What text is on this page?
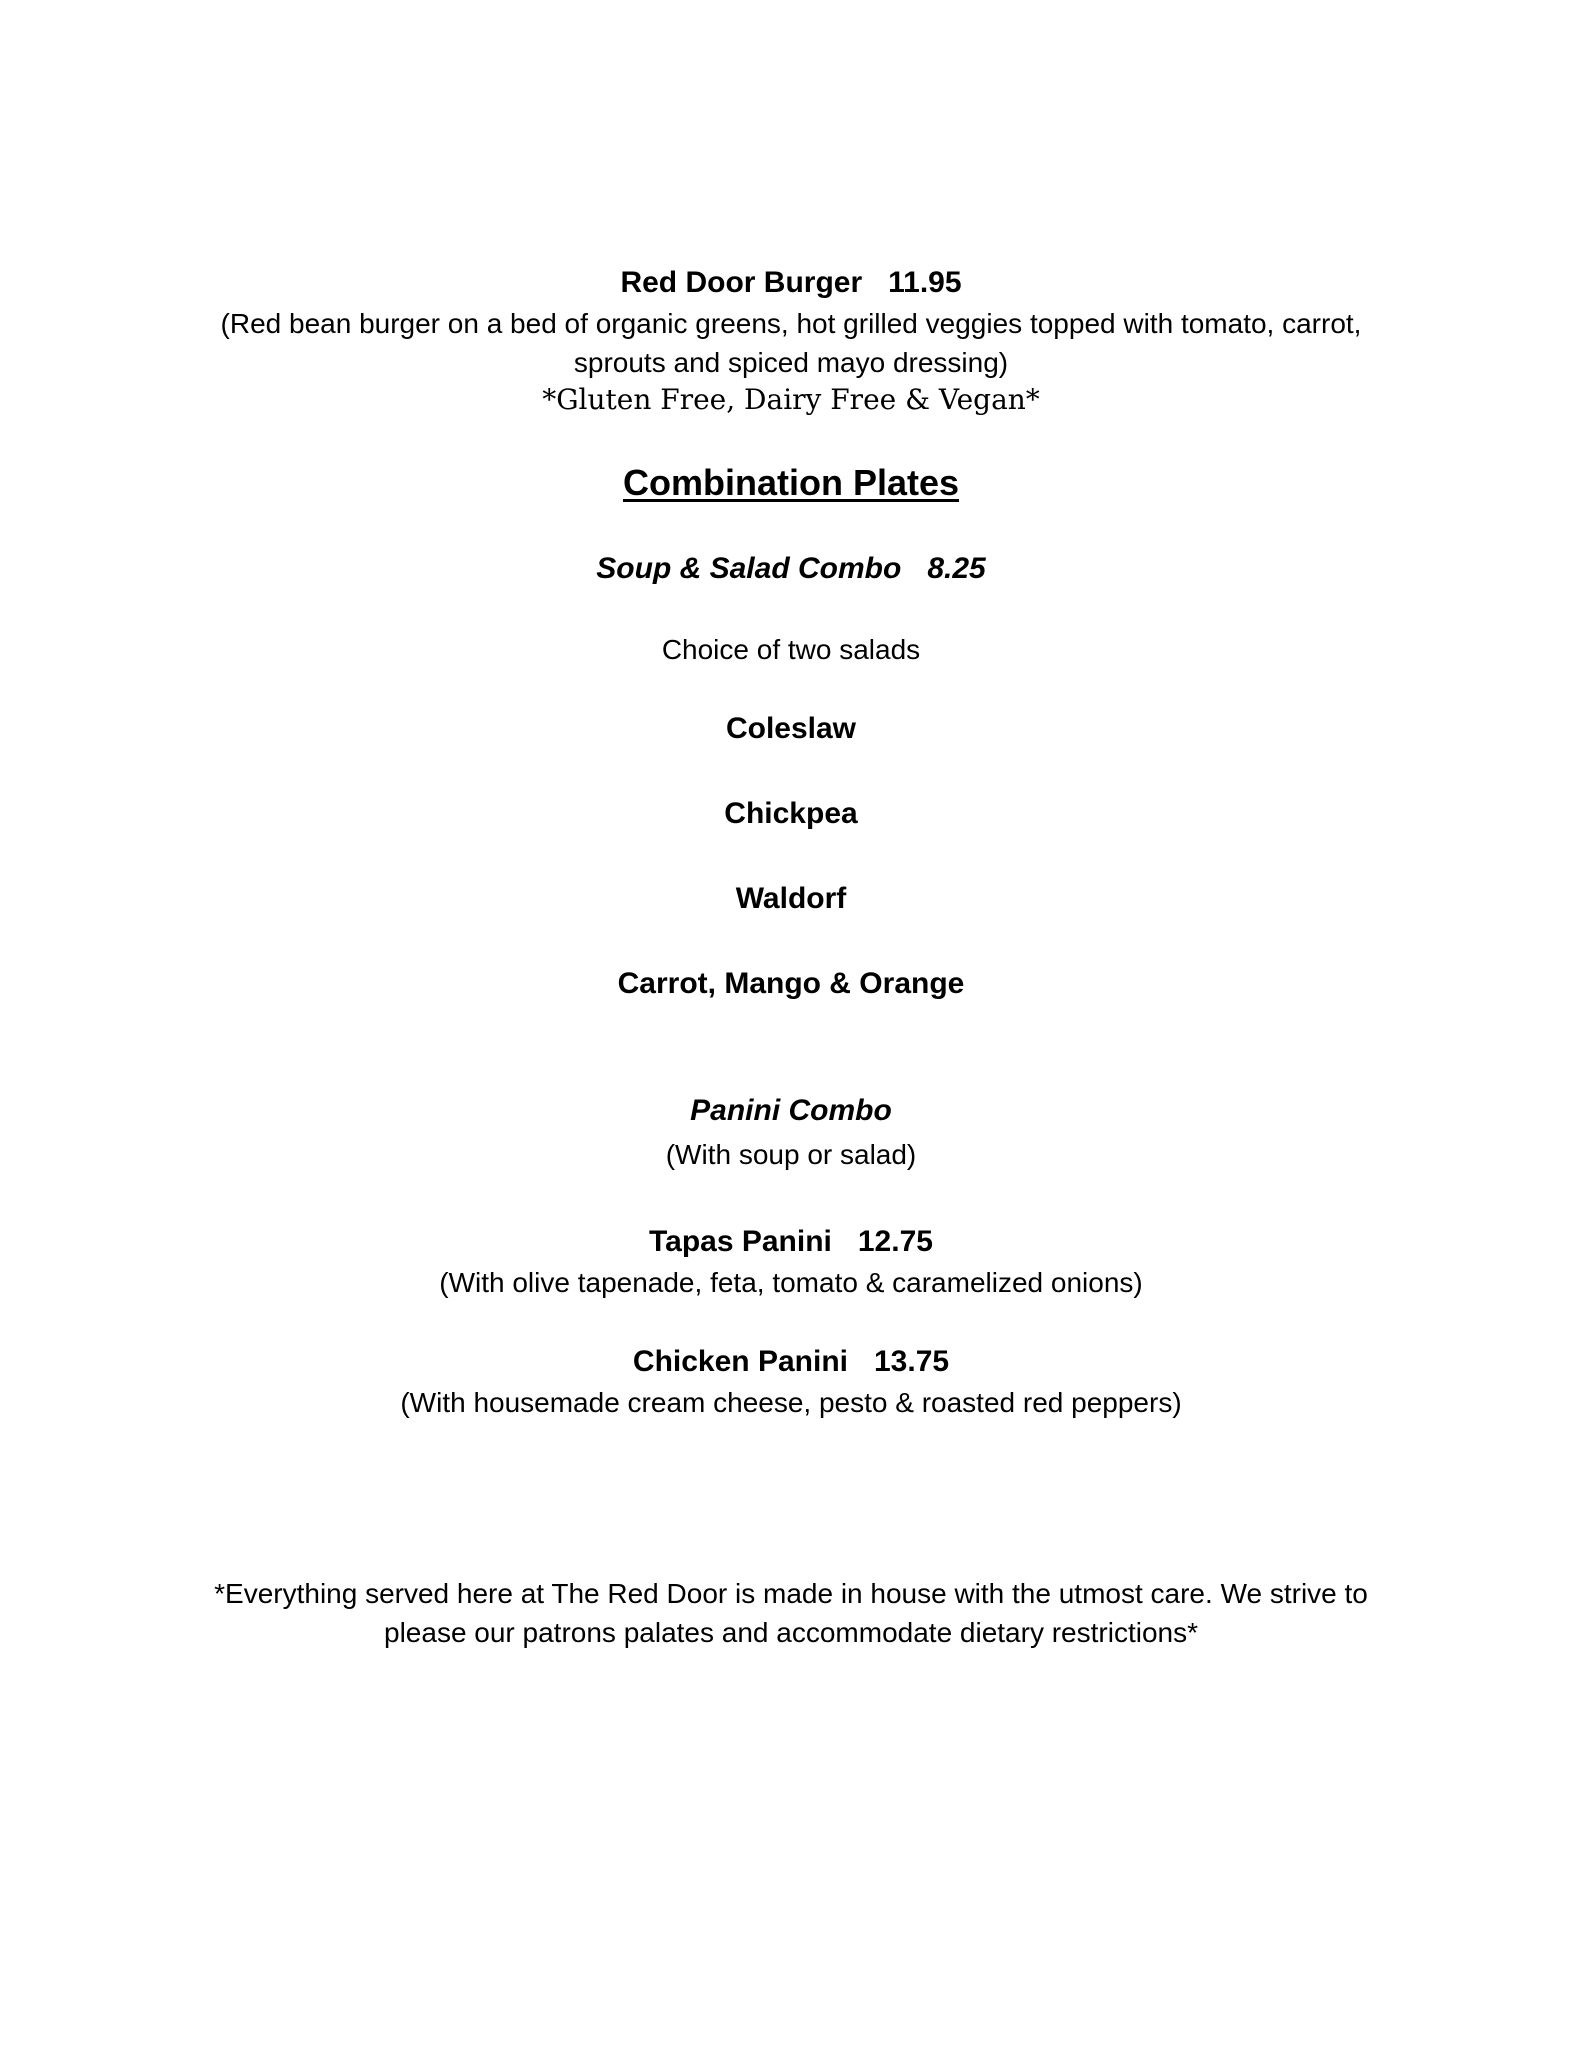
Red Door Burger 11.95
(Red bean burger on a bed of organic greens, hot grilled veggies topped with tomato, carrot,
sprouts and spiced mayo dressing)
*Gluten Free, Dairy Free & Vegan*
Combination Plates
Soup & Salad Combo 8.25
Choice of two salads
Coleslaw
Chickpea
Waldorf
Carrot, Mango & Orange
Panini Combo
(With soup or salad)
Tapas Panini 12.75
(With olive tapenade, feta, tomato & caramelized onions)
Chicken Panini 13.75
(With housemade cream cheese, pesto & roasted red peppers)
*Everything served here at The Red Door is made in house with the utmost care. We strive to
please our patrons palates and accommodate dietary restrictions*
